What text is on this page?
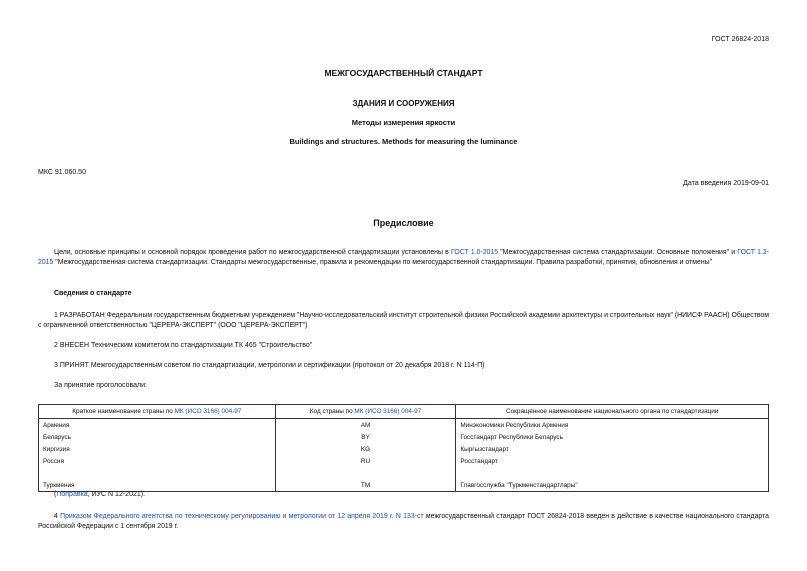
ГОСТ 26824-2018
МЕЖГОСУДАРСТВЕННЫЙ СТАНДАРТ
ЗДАНИЯ И СООРУЖЕНИЯ
Методы измерения яркости
Buildings and structures. Methods for measuring the luminance
МКС 91.060.50
Дата введения 2019-09-01
Предисловие
Цели, основные принципы и основной порядок проведения работ по межгосударственной стандартизации установлены в ГОСТ 1.0-2015 "Межгосударственная система стандартизации. Основные положения" и ГОСТ 1.2-2015 "Межгосударственная система стандартизации. Стандарты межгосударственные, правила и рекомендации по межгосударственной стандартизации. Правила разработки, принятия, обновления и отмены"
Сведения о стандарте
1 РАЗРАБОТАН Федеральным государственным бюджетным учреждением "Научно-исследовательский институт строительной физики Российской академии архитектуры и строительных наук" (НИИСФ РААСН) Обществом с ограниченной ответственностью "ЦЕРЕРА-ЭКСПЕРТ" (ООО "ЦЕРЕРА-ЭКСПЕРТ")
2 ВНЕСЕН Техническим комитетом по стандартизации ТК 465 "Строительство"
3 ПРИНЯТ Межгосударственным советом по стандартизации, метрологии и сертификации (протокол от 20 декабря 2018 г. N 114-П)
За принятие проголосовали:
Краткое наименование страны по МК (ИСО 3166) 004-97	Код страны по МК (ИСО 3166) 004-97	Сокращенное наименование национального органа по стандартизации
Армения	AM	Минэкономики Республики Армения
Беларусь	BY	Госстандарт Республики Беларусь
Киргизия	KG	Кыргызстандарт
Россия	RU	Росстандарт

Туркмения	TM	Главгосслужба "Туркменстандартлары"
(Поправка, ИУС N 12-2021).
4 Приказом Федерального агентства по техническому регулированию и метрологии от 12 апреля 2019 г. N 133-ст межгосударственный стандарт ГОСТ 26824-2018 введен в действие в качестве национального стандарта Российской Федерации с 1 сентября 2019 г.
